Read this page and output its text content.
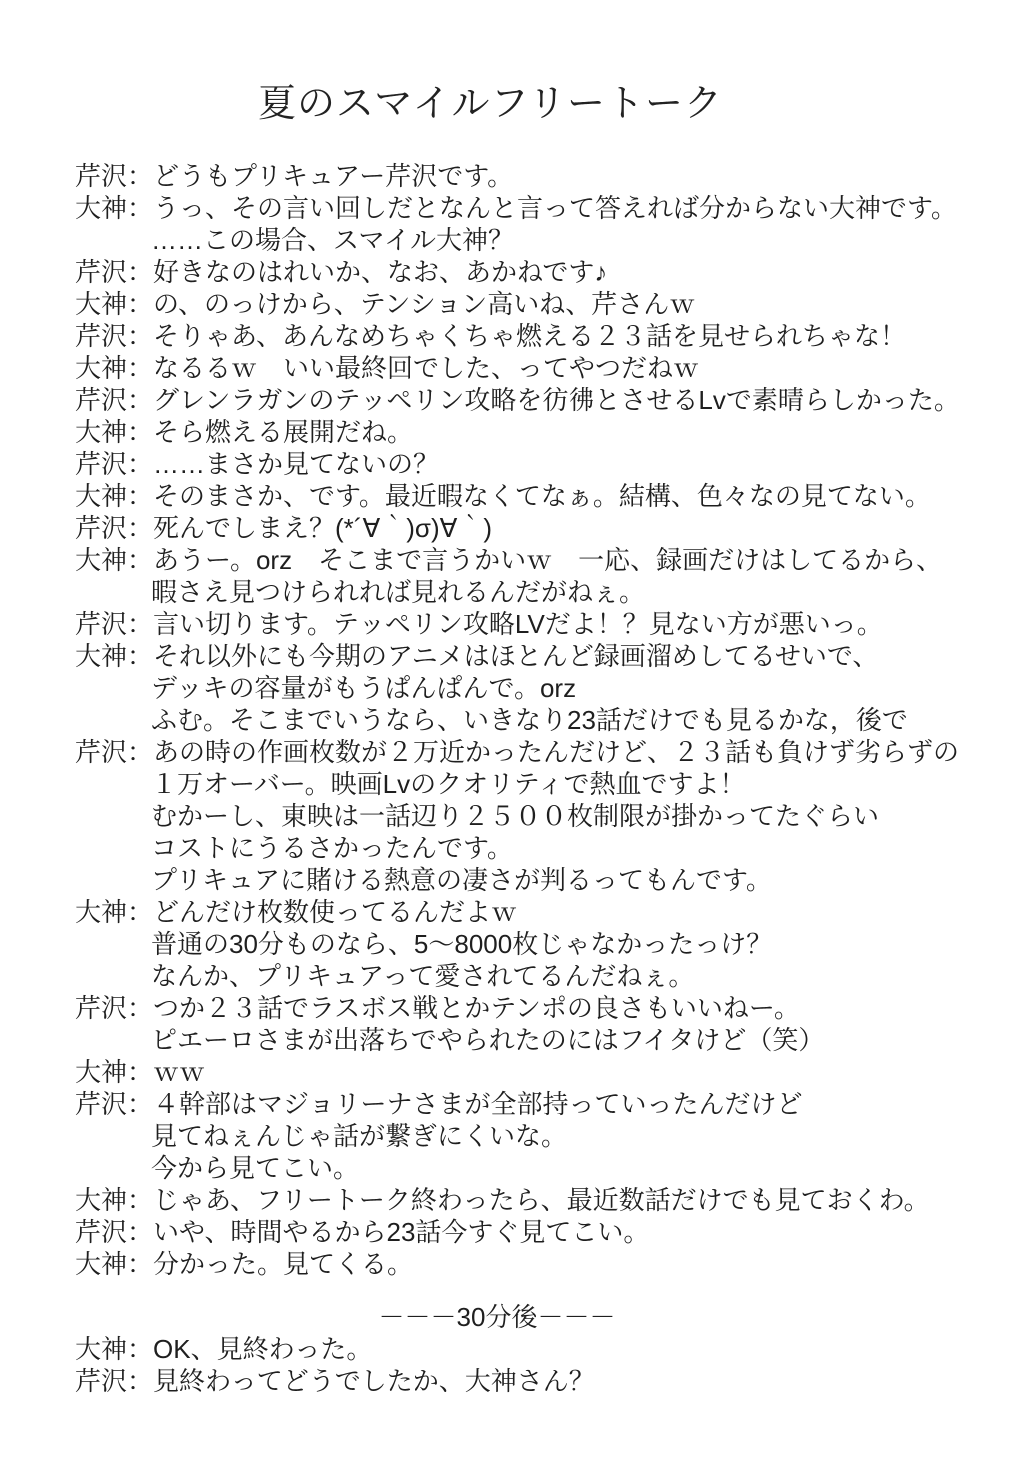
夏のスマイルフリートーク
芹沢： どうもプリキュアー芹沢です。
大神： うっ、その言い回しだとなんと言って答えれば分からない大神です。
……この場合、スマイル大神？
芹沢： 好きなのはれいか、なお、あかねです♪
大神： の、のっけから、テンション高いね、芹さんｗ
芹沢： そりゃあ、あんなめちゃくちゃ燃える２３話を見せられちゃな！
大神： なるるｗ　いい最終回でした、ってやつだねｗ
芹沢： グレンラガンのテッペリン攻略を彷彿とさせるLvで素晴らしかった。
大神： そら燃える展開だね。
芹沢： ……まさか見てないの？
大神： そのまさか、です。最近暇なくてなぁ。結構、色々なの見てない。
芹沢： 死んでしまえ？(*´∀｀)σ)∀｀)
大神： あうー。orz　そこまで言うかいｗ　一応、録画だけはしてるから、
暇さえ見つけられれば見れるんだがねぇ。
芹沢： 言い切ります。テッペリン攻略LVだよ！？見ない方が悪いっ。
大神： それ以外にも今期のアニメはほとんど録画溜めしてるせいで、
デッキの容量がもうぱんぱんで。orz
ふむ。そこまでいうなら、いきなり23話だけでも見るかな，後で
芹沢： あの時の作画枚数が２万近かったんだけど、２３話も負けず劣らずの
１万オーバー。映画Lvのクオリティで熱血ですよ！
むかーし、東映は一話辺り２５００枚制限が掛かってたぐらい
コストにうるさかったんです。
プリキュアに賭ける熱意の凄さが判るってもんです。
大神： どんだけ枚数使ってるんだよｗ
普通の30分ものなら、5～8000枚じゃなかったっけ？
なんか、プリキュアって愛されてるんだねぇ。
芹沢： つか２３話でラスボス戦とかテンポの良さもいいねー。
ピエーロさまが出落ちでやられたのにはフイタけど（笑）
大神： ｗｗ
芹沢： ４幹部はマジョリーナさまが全部持っていったんだけど
見てねぇんじゃ話が繋ぎにくいな。
今から見てこい。
大神： じゃあ、フリートーク終わったら、最近数話だけでも見ておくわ。
芹沢： いや、時間やるから23話今すぐ見てこい。
大神： 分かった。見てくる。
－－－30分後－－－
大神： OK、見終わった。
芹沢： 見終わってどうでしたか、大神さん？
